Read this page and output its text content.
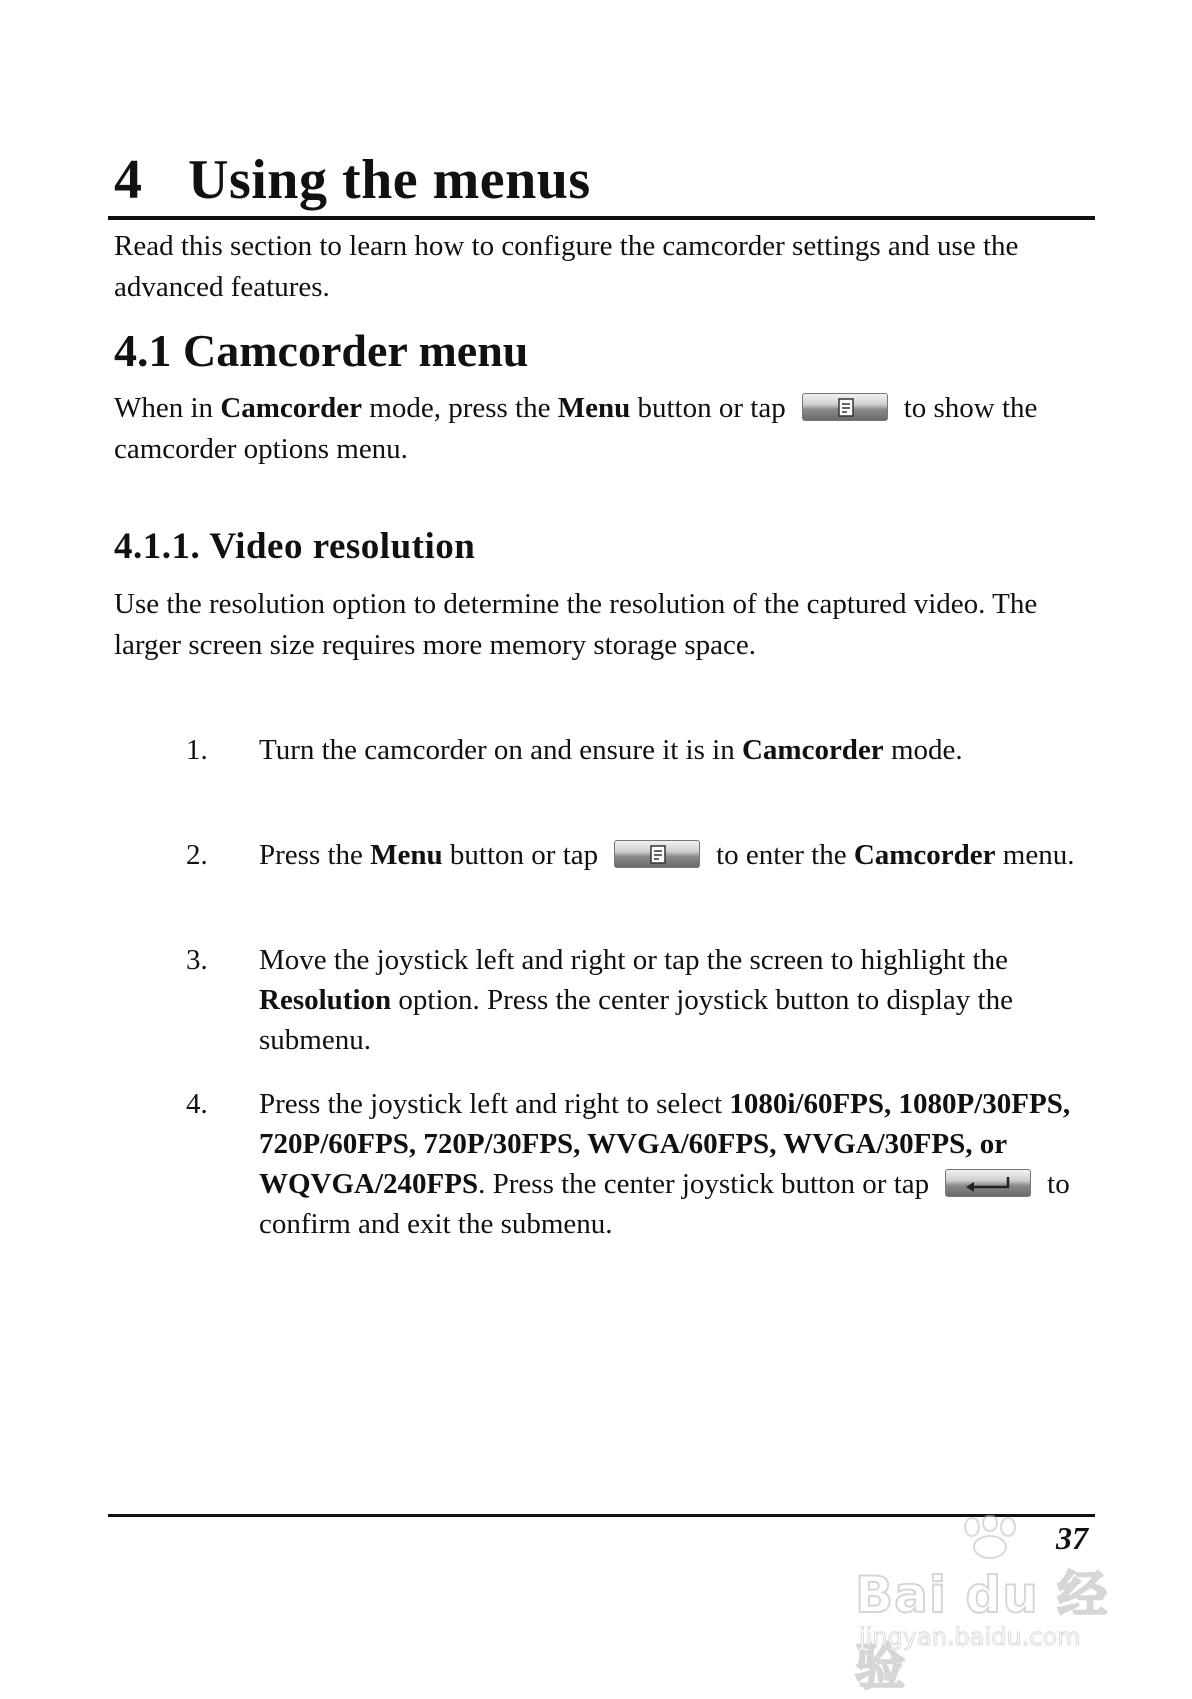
4 Using the menus

Read this section to learn how to configure the camcorder settings and use the advanced features.

4.1 Camcorder menu

When in Camcorder mode, press the Menu button or tap	to show the camcorder options menu.

4.1.1. Video resolution

Use the resolution option to determine the resolution of the captured video. The larger screen size requires more memory storage space.

1. Turn the camcorder on and ensure it is in Camcorder mode.

2. Press the Menu button or tap	to enter the Camcorder menu.

3. Move the joystick left and right or tap the screen to highlight the Resolution option. Press the center joystick button to display the submenu.

4. Press the joystick left and right to select 1080i/60FPS, 1080P/30FPS, 720P/60FPS, 720P/30FPS, WVGA/60FPS, WVGA/30FPS, or WQVGA/240FPS. Press the center joystick button or tap	to confirm and exit the submenu.

37
Bai du 经验
jingyan.baidu.com
